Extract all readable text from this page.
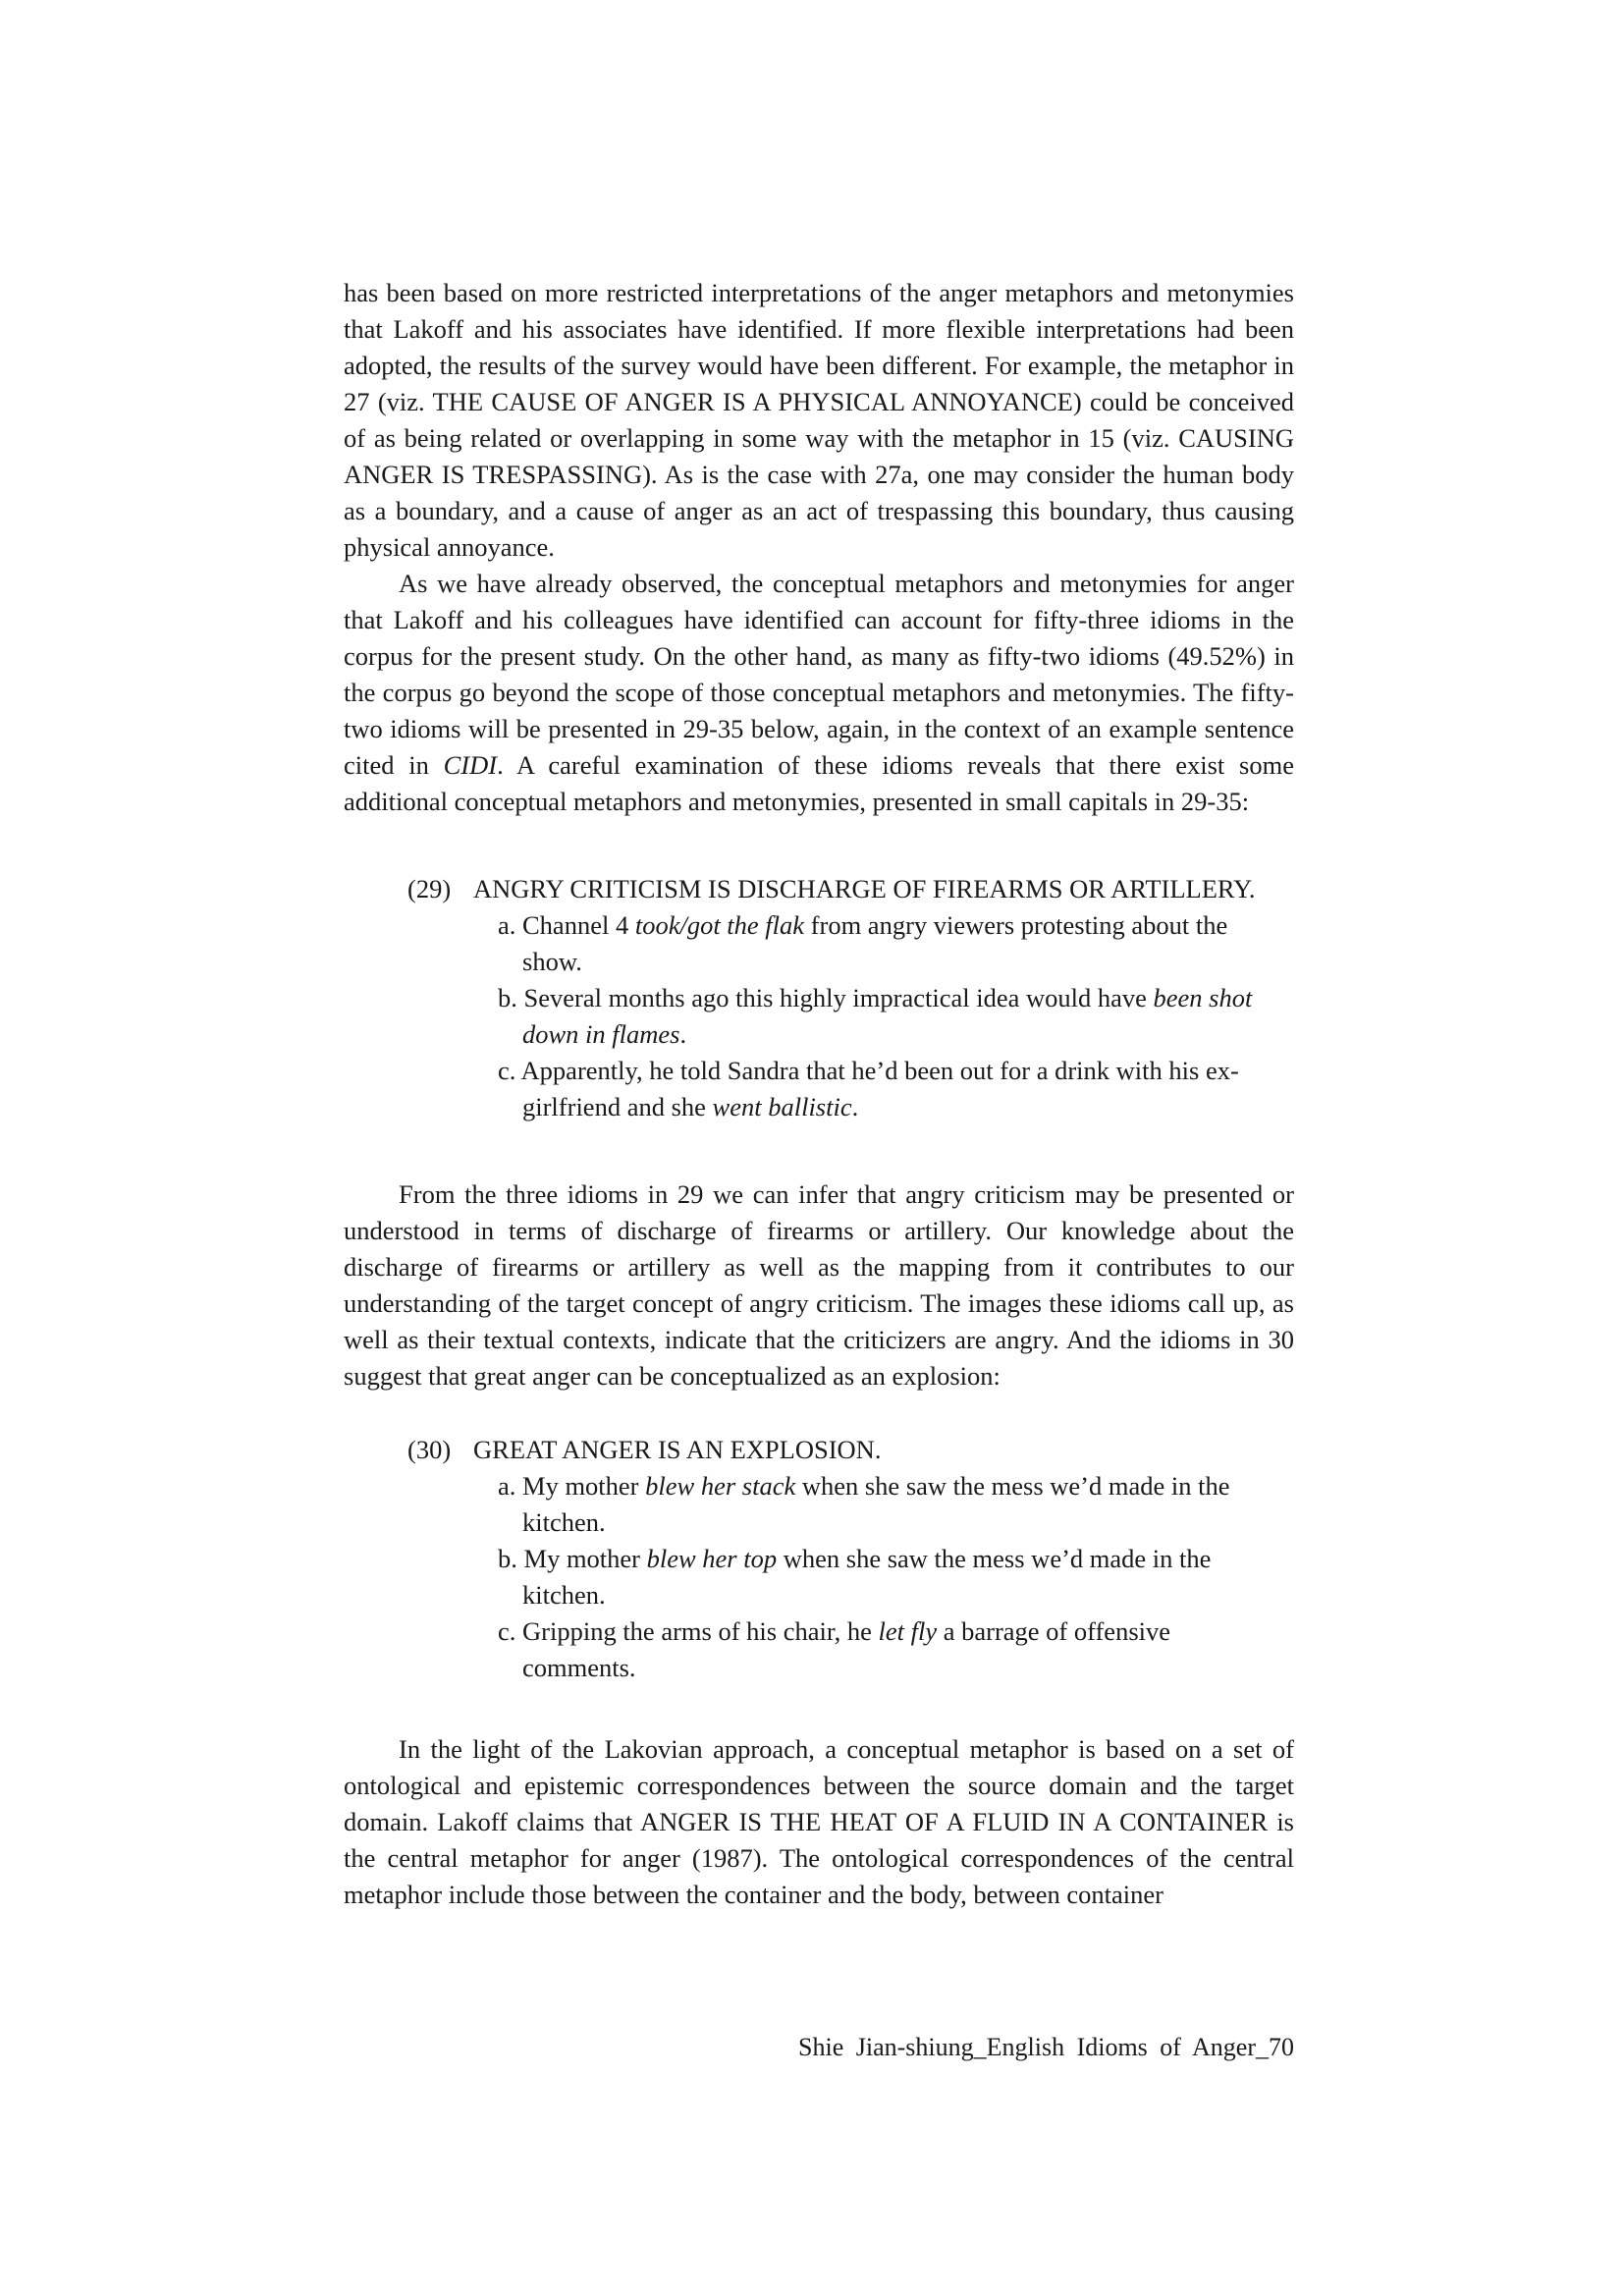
has been based on more restricted interpretations of the anger metaphors and metonymies that Lakoff and his associates have identified. If more flexible interpretations had been adopted, the results of the survey would have been different. For example, the metaphor in 27 (viz. THE CAUSE OF ANGER IS A PHYSICAL ANNOYANCE) could be conceived of as being related or overlapping in some way with the metaphor in 15 (viz. CAUSING ANGER IS TRESPASSING). As is the case with 27a, one may consider the human body as a boundary, and a cause of anger as an act of trespassing this boundary, thus causing physical annoyance.

As we have already observed, the conceptual metaphors and metonymies for anger that Lakoff and his colleagues have identified can account for fifty-three idioms in the corpus for the present study. On the other hand, as many as fifty-two idioms (49.52%) in the corpus go beyond the scope of those conceptual metaphors and metonymies. The fifty-two idioms will be presented in 29-35 below, again, in the context of an example sentence cited in CIDI. A careful examination of these idioms reveals that there exist some additional conceptual metaphors and metonymies, presented in small capitals in 29-35:

(29) ANGRY CRITICISM IS DISCHARGE OF FIREARMS OR ARTILLERY.
a. Channel 4 took/got the flak from angry viewers protesting about the show.
b. Several months ago this highly impractical idea would have been shot down in flames.
c. Apparently, he told Sandra that he’d been out for a drink with his ex-girlfriend and she went ballistic.

From the three idioms in 29 we can infer that angry criticism may be presented or understood in terms of discharge of firearms or artillery. Our knowledge about the discharge of firearms or artillery as well as the mapping from it contributes to our understanding of the target concept of angry criticism. The images these idioms call up, as well as their textual contexts, indicate that the criticizers are angry. And the idioms in 30 suggest that great anger can be conceptualized as an explosion:

(30) GREAT ANGER IS AN EXPLOSION.
a. My mother blew her stack when she saw the mess we’d made in the kitchen.
b. My mother blew her top when she saw the mess we’d made in the kitchen.
c. Gripping the arms of his chair, he let fly a barrage of offensive comments.

In the light of the Lakovian approach, a conceptual metaphor is based on a set of ontological and epistemic correspondences between the source domain and the target domain. Lakoff claims that ANGER IS THE HEAT OF A FLUID IN A CONTAINER is the central metaphor for anger (1987). The ontological correspondences of the central metaphor include those between the container and the body, between container

Shie Jian-shiung_English Idioms of Anger_70
